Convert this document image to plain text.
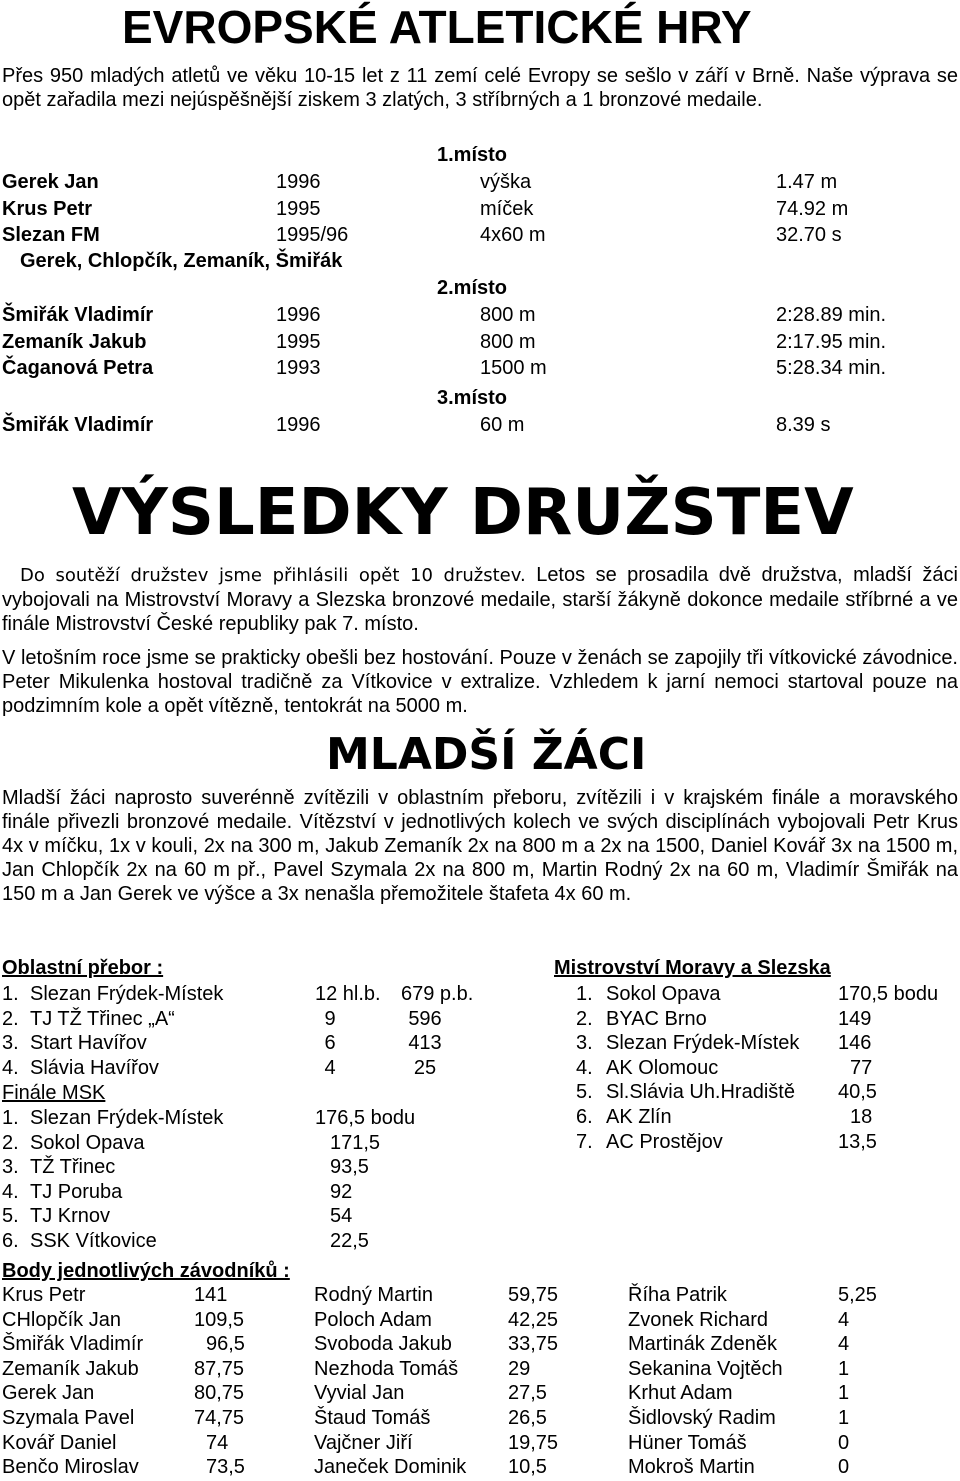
EVROPSKÉ ATLETICKÉ HRY
Přes 950 mladých atletů ve věku 10-15 let z 11 zemí celé Evropy se sešlo v září v Brně. Naše výprava se opět zařadila mezi nejúspěšnější ziskem 3 zlatých, 3 stříbrných a 1 bronzové medaile.
1.místo
Gerek Jan	1996	výška	1.47 m
Krus Petr	1995	míček	74.92 m
Slezan FM	1995/96	4x60 m	32.70 s
Gerek, Chlopčík, Zemaník, Šmiřák
2.místo
Šmiřák Vladimír	1996	800 m	2:28.89 min.
Zemaník Jakub	1995	800 m	2:17.95 min.
Čaganová Petra	1993	1500 m	5:28.34 min.
3.místo
Šmiřák Vladimír	1996	60 m	8.39 s
VÝSLEDKY DRUŽSTEV
Do soutěží družstev jsme přihlásili opět 10 družstev. Letos se prosadila dvě družstva, mladší žáci vybojovali na Mistrovství Moravy a Slezska bronzové medaile, starší žákyně dokonce medaile stříbrné a ve finále Mistrovství České republiky pak 7. místo.
V letošním roce jsme se prakticky obešli bez hostování. Pouze v ženách se zapojily tři vítkovické závodnice. Peter Mikulenka hostoval tradičně za Vítkovice v extralize. Vzhledem k jarní nemoci startoval pouze na podzimním kole a opět vítězně, tentokrát na 5000 m.
MLADŠÍ ŽÁCI
Mladší žáci naprosto suverénně zvítězili v oblastním přeboru, zvítězili i v krajském finále a moravského finále přivezli bronzové medaile. Vítězství v jednotlivých kolech ve svých disciplínách vybojovali Petr Krus 4x v míčku, 1x v kouli, 2x na 300 m, Jakub Zemaník 2x na 800 m a 2x na 1500, Daniel Kovář 3x na 1500 m, Jan Chlopčík 2x na 60 m př., Pavel Szymala 2x na 800 m, Martin Rodný 2x na 60 m, Vladimír Šmiřák na 150 m a Jan Gerek ve výšce a 3x nenašla přemožitele štafeta 4x 60 m.
Oblastní přebor :
1. Slezan Frýdek-Místek	12 hl.b. 679 p.b.
2. TJ TŽ Třinec „A“	9	596
3. Start Havířov	6	413
4. Slávia Havířov	4	25
Finále MSK
1. Slezan Frýdek-Místek	176,5 bodu
2. Sokol Opava	171,5
3. TŽ Třinec	93,5
4. TJ Poruba	92
5. TJ Krnov	54
6. SSK Vítkovice	22,5
Mistrovství Moravy a Slezska
1. Sokol Opava	170,5 bodu
2. BYAC Brno	149
3. Slezan Frýdek-Místek 146
4. AK Olomouc	77
5. Sl.Slávia Uh.Hradiště 40,5
6. AK Zlín	18
7. AC Prostějov	13,5
Body jednotlivých závodníků :
Krus Petr	141
CHlopčík Jan	109,5
Šmiřák Vladimír	96,5
Zemaník Jakub	87,75
Gerek Jan	80,75
Szymala Pavel	74,75
Kovář Daniel	74
Benčo Miroslav	73,5
Rodný Martin	59,75
Poloch Adam	42,25
Svoboda Jakub	33,75
Nezhoda Tomáš 29
Vyvial Jan	27,5
Štaud Tomáš	26,5
Vajčner Jiří	19,75
Janeček Dominik 10,5
Říha Patrik	5,25
Zvonek Richard	4
Martinák Zdeněk	4
Sekanina Vojtěch	1
Krhut Adam	1
Šidlovský Radim	1
Hüner Tomáš	0
Mokroš Martin	0
